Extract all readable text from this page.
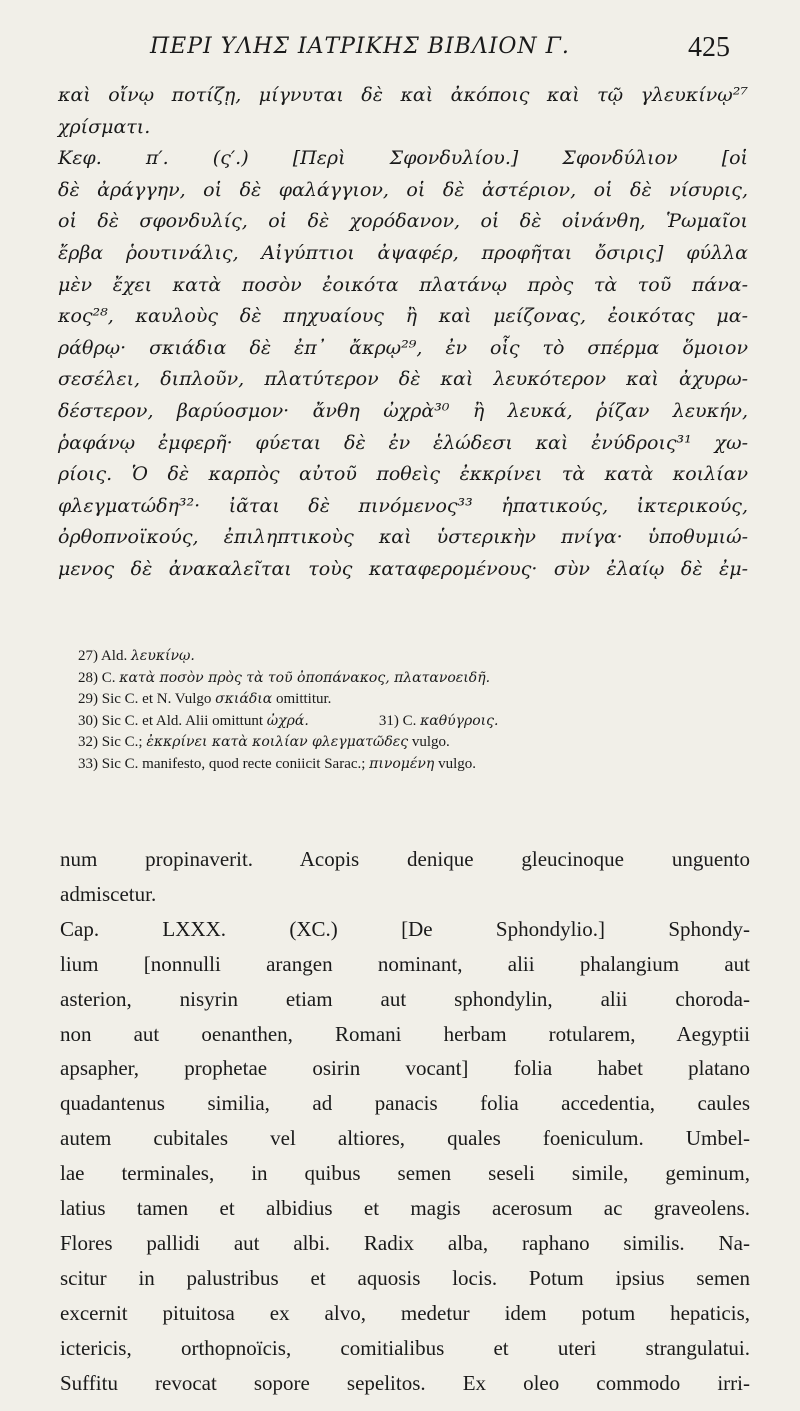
ΠΕΡΙ ΥΛΗΣ ΙΑΤΡΙΚΗΣ ΒΙΒΛΙΟΝ Γ.	425
καὶ οἴνῳ ποτίζῃ, μίγνυται δὲ καὶ ἀκόποις καὶ τῷ γλευκίνῳ²⁷
χρίσματι.
Κεφ. π′. (ς′.) [Περὶ Σφονδυλίου.] Σφονδύλιον [οἱ
δὲ ἀράγγην, οἱ δὲ φαλάγγιον, οἱ δὲ ἀστέριον, οἱ δὲ νίσυρις,
οἱ δὲ σφονδυλίς, οἱ δὲ χορόδανον, οἱ δὲ οἰνάνθη, Ῥωμαῖοι
ἔρβα ῥουτινάλις, Αἰγύπτιοι ἀψαφέρ, προφῆται ὄσιρις] φύλλα
μὲν ἔχει κατὰ ποσὸν ἐοικότα πλατάνῳ πρὸς τὰ τοῦ πάνα-
κος²⁸, καυλοὺς δὲ πηχυαίους ἢ καὶ μείζονας, ἐοικότας μα-
ράθρῳ· σκιάδια δὲ ἐπ᾽ ἄκρῳ²⁹, ἐν οἷς τὸ σπέρμα ὅμοιον
σεσέλει, διπλοῦν, πλατύτερον δὲ καὶ λευκότερον καὶ ἀχυρω-
δέστερον, βαρύοσμον· ἄνθη ὠχρὰ³⁰ ἢ λευκά, ῥίζαν λευκήν,
ῥαφάνῳ ἐμφερῆ· φύεται δὲ ἐν ἑλώδεσι καὶ ἐνύδροις³¹ χω-
ρίοις. Ὁ δὲ καρπὸς αὐτοῦ ποθεὶς ἐκκρίνει τὰ κατὰ κοιλίαν
φλεγματώδη³²· ἰᾶται δὲ πινόμενος³³ ἡπατικούς, ἰκτερικούς,
ὀρθοπνοϊκούς, ἐπιληπτικοὺς καὶ ὑστερικὴν πνίγα· ὑποθυμιώ-
μενος δὲ ἀνακαλεῖται τοὺς καταφερομένους· σὺν ἐλαίῳ δὲ ἐμ-
27) Ald. λευκίνῳ.
28) C. κατὰ ποσὸν πρὸς τὰ τοῦ ὀποπάνακος, πλατανοειδῆ.
29) Sic C. et N. Vulgo σκιάδια omittitur.
30) Sic C. et Ald. Alii omittunt ὠχρά.	31) C. καθύγροις.
32) Sic C.; ἐκκρίνει κατὰ κοιλίαν φλεγματῶδες vulgo.
33) Sic C. manifesto, quod recte coniicit Sarac.; πινομένη vulgo.
num propinaverit. Acopis denique gleucinoque unguento
admiscetur.
Cap. LXXX. (XC.) [De Sphondylio.] Sphondy-
lium [nonnulli arangen nominant, alii phalangium aut
asterion, nisyrin etiam aut sphondylin, alii choroda-
non aut oenanthen, Romani herbam rotularem, Aegyptii
apsapher, prophetae osirin vocant] folia habet platano
quadantenus similia, ad panacis folia accedentia, caules
autem cubitales vel altiores, quales foeniculum. Umbel-
lae terminales, in quibus semen seseli simile, geminum,
latius tamen et albidius et magis acerosum ac graveolens.
Flores pallidi aut albi. Radix alba, raphano similis. Na-
scitur in palustribus et aquosis locis. Potum ipsius semen
excernit pituitosa ex alvo, medetur idem potum hepaticis,
ictericis, orthopnoïcis, comitialibus et uteri strangulatui.
Suffitu revocat sopore sepelitos. Ex oleo commodo irri-
